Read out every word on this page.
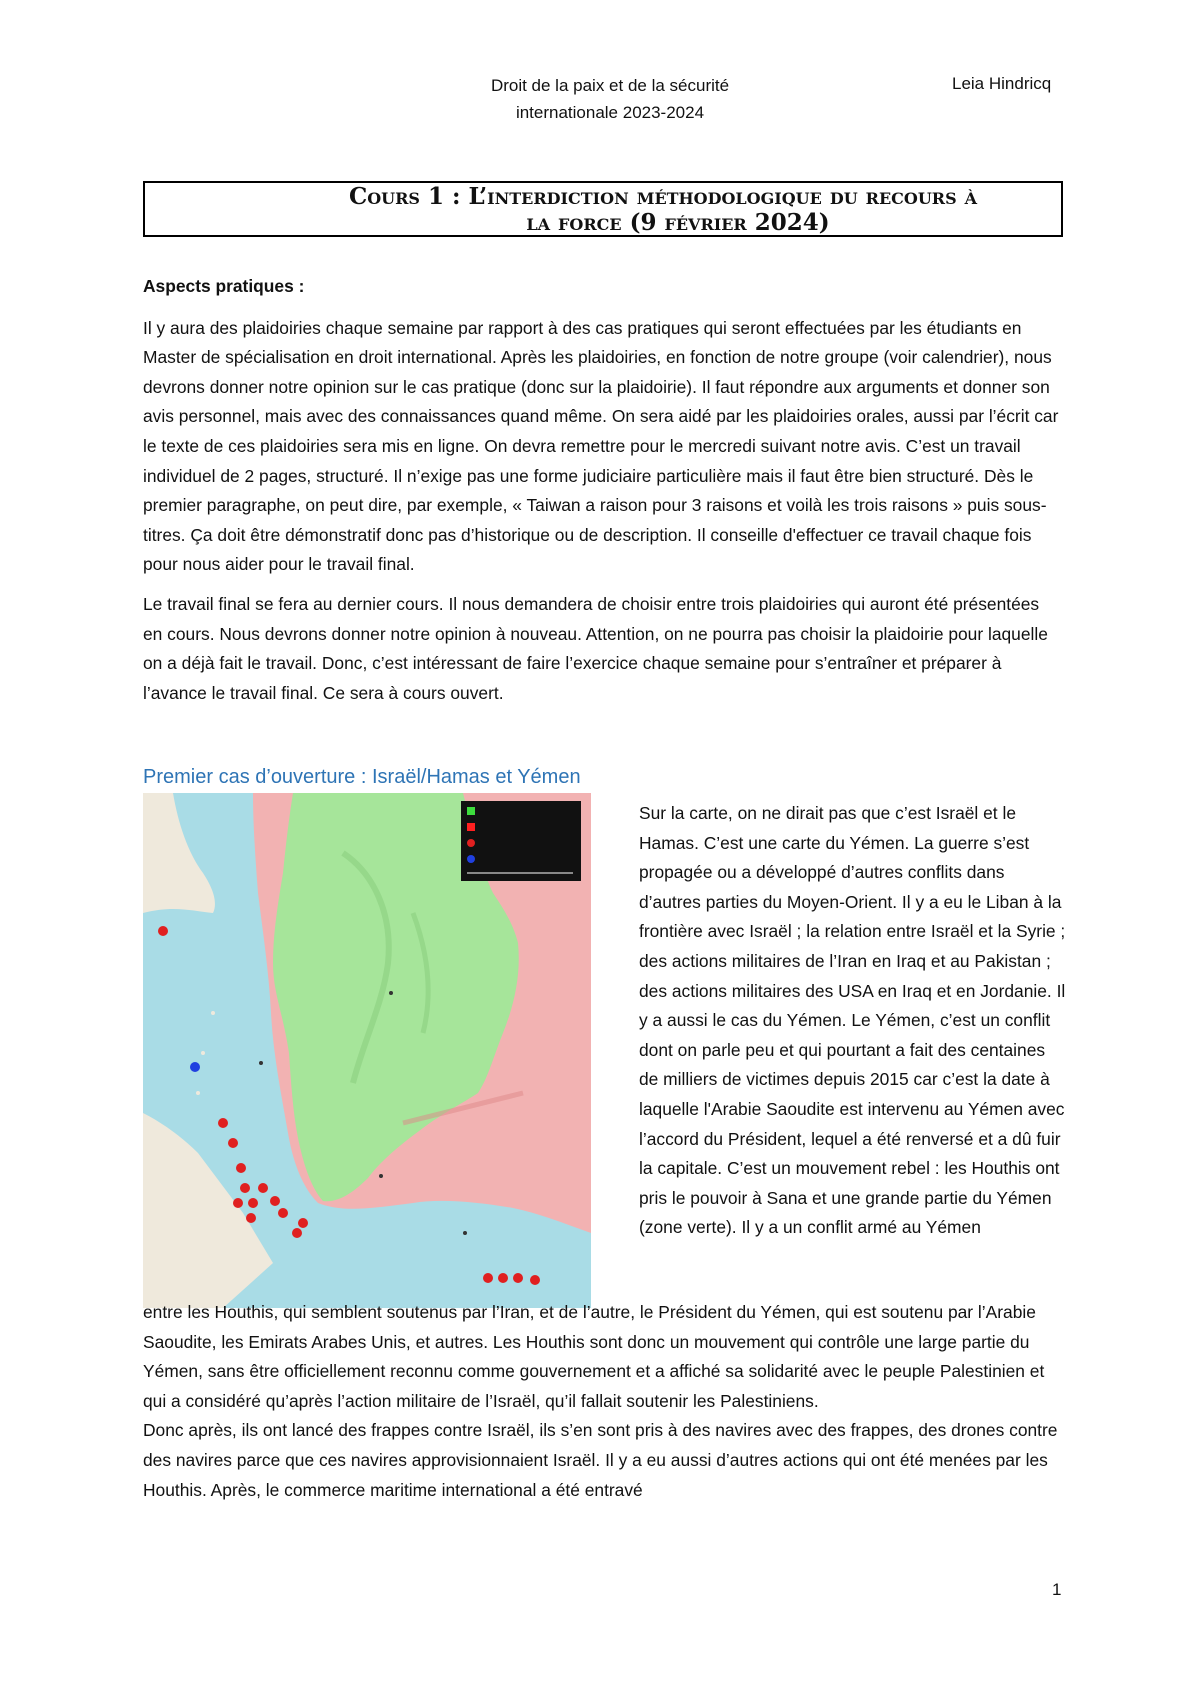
Droit de la paix et de la sécurité internationale 2023-2024
Leia Hindricq
Cours 1 : L’interdiction méthodologique du recours à
la force (9 février 2024)

Aspects pratiques :

Il y aura des plaidoiries chaque semaine par rapport à des cas pratiques qui seront effectuées par les étudiants en Master de spécialisation en droit international. Après les plaidoiries, en fonction de notre groupe (voir calendrier), nous devrons donner notre opinion sur le cas pratique (donc sur la plaidoirie). Il faut répondre aux arguments et donner son avis personnel, mais avec des connaissances quand même. On sera aidé par les plaidoiries orales, aussi par l’écrit car le texte de ces plaidoiries sera mis en ligne. On devra remettre pour le mercredi suivant notre avis. C’est un travail individuel de 2 pages, structuré. Il n’exige pas une forme judiciaire particulière mais il faut être bien structuré. Dès le premier paragraphe, on peut dire, par exemple, « Taiwan a raison pour 3 raisons et voilà les trois raisons » puis sous-titres. Ça doit être démonstratif donc pas d’historique ou de description. Il conseille d'effectuer ce travail chaque fois pour nous aider pour le travail final.

Le travail final se fera au dernier cours. Il nous demandera de choisir entre trois plaidoiries qui auront été présentées en cours. Nous devrons donner notre opinion à nouveau. Attention, on ne pourra pas choisir la plaidoirie pour laquelle on a déjà fait le travail. Donc, c’est intéressant de faire l’exercice chaque semaine pour s’entraîner et préparer à l’avance le travail final. Ce sera à cours ouvert.

Premier cas d’ouverture : Israël/Hamas et Yémen
Sur la carte, on ne dirait pas que c’est Israël et le Hamas. C’est une carte du Yémen. La guerre s’est propagée ou a développé d’autres conflits dans d’autres parties du Moyen-Orient. Il y a eu le Liban à la frontière avec Israël ; la relation entre Israël et la Syrie ; des actions militaires de l’Iran en Iraq et au Pakistan ; des actions militaires des USA en Iraq et en Jordanie. Il y a aussi le cas du Yémen. Le Yémen, c’est un conflit dont on parle peu et qui pourtant a fait des centaines de milliers de victimes depuis 2015 car c’est la date à laquelle l'Arabie Saoudite est intervenu au Yémen avec l’accord du Président, lequel a été renversé et a dû fuir la capitale. C’est un mouvement rebel : les Houthis ont pris le pouvoir à Sana et une grande partie du Yémen (zone verte). Il y a un conflit armé au Yémen

entre les Houthis, qui semblent soutenus par l’Iran, et de l’autre, le Président du Yémen, qui est soutenu par l’Arabie Saoudite, les Emirats Arabes Unis, et autres. Les Houthis sont donc un mouvement qui contrôle une large partie du Yémen, sans être officiellement reconnu comme gouvernement et a affiché sa solidarité avec le peuple Palestinien et qui a considéré qu’après l’action militaire de l’Israël, qu’il fallait soutenir les Palestiniens.

Donc après, ils ont lancé des frappes contre Israël, ils s’en sont pris à des navires avec des frappes, des drones contre des navires parce que ces navires approvisionnaient Israël. Il y a eu aussi d’autres actions qui ont été menées par les Houthis. Après, le commerce maritime international a été entravé

1
